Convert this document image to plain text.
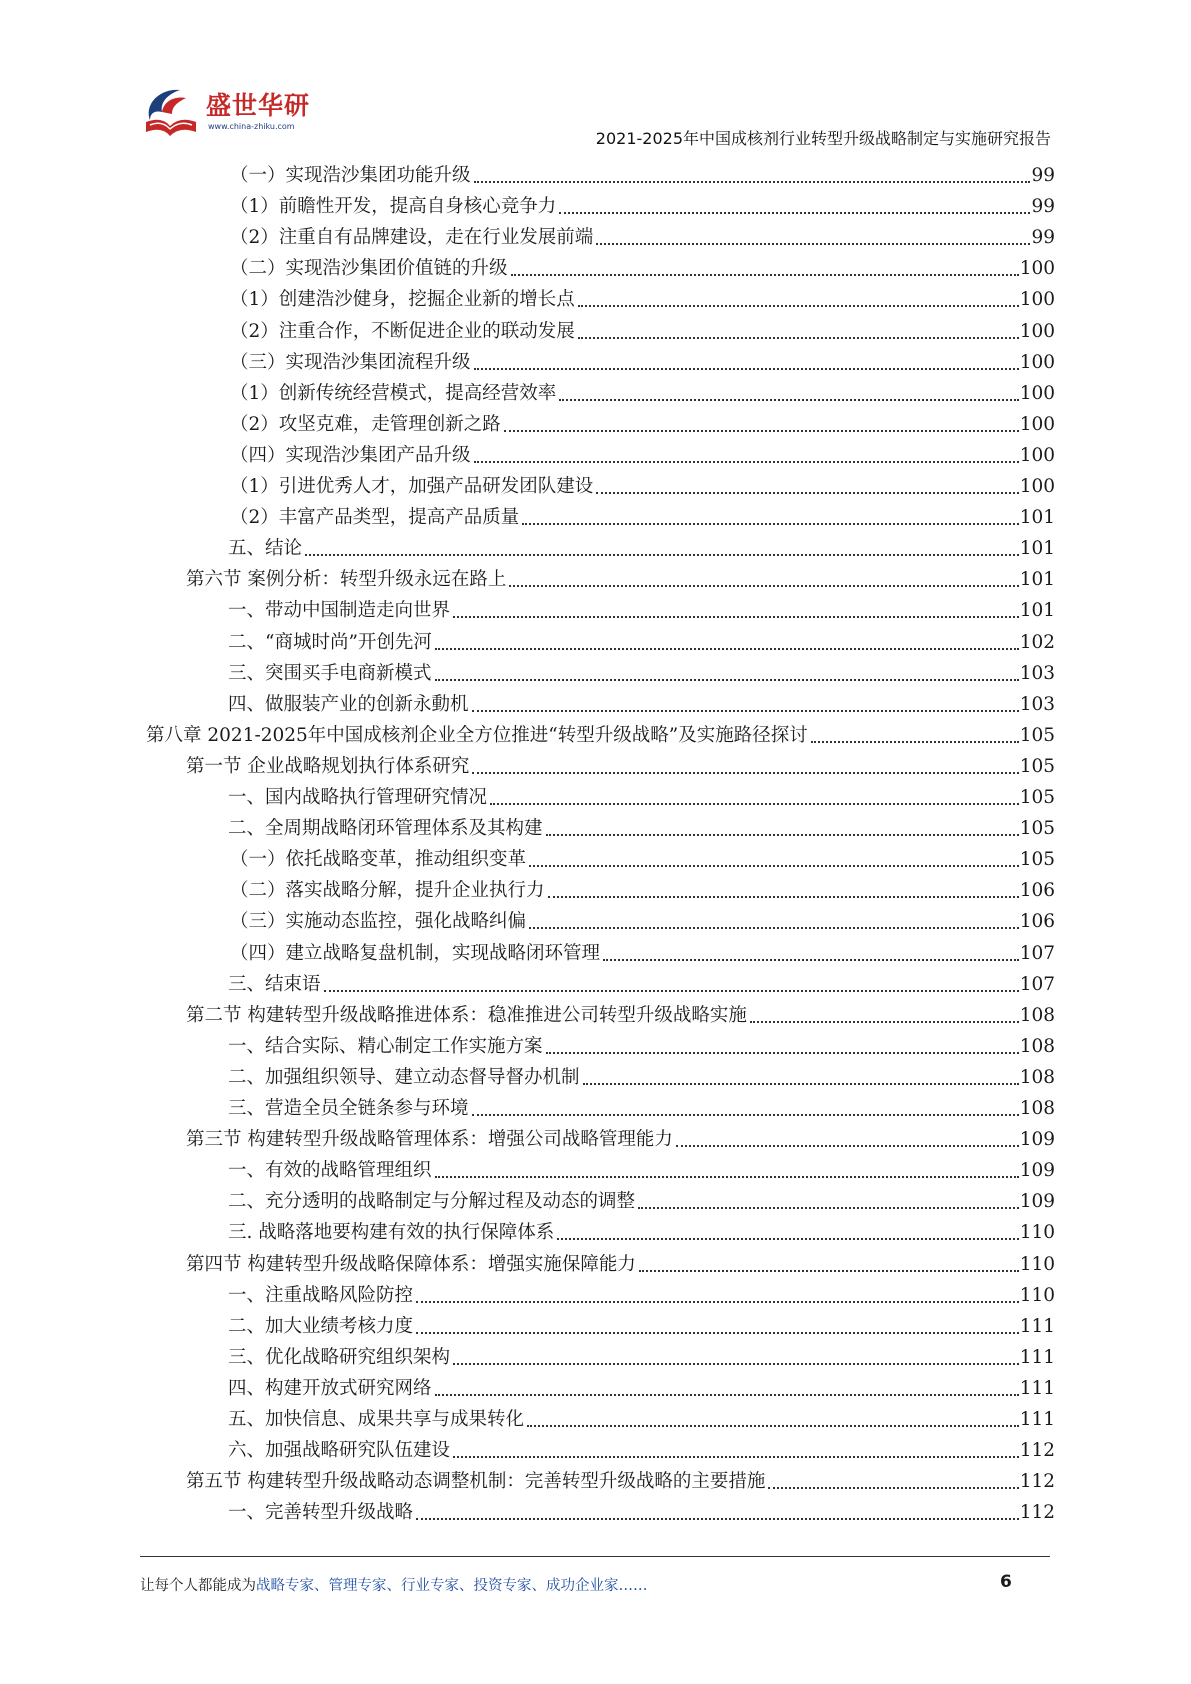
盛世华研
www.china-zhiku.com
2021-2025年中国成核剂行业转型升级战略制定与实施研究报告
（一）实现浩沙集团功能升级	99
（1）前瞻性开发，提高自身核心竞争力	99
（2）注重自有品牌建设，走在行业发展前端	99
（二）实现浩沙集团价值链的升级	100
（1）创建浩沙健身，挖掘企业新的增长点	100
（2）注重合作，不断促进企业的联动发展	100
（三）实现浩沙集团流程升级	100
（1）创新传统经营模式，提高经营效率	100
（2）攻坚克难，走管理创新之路	100
（四）实现浩沙集团产品升级	100
（1）引进优秀人才，加强产品研发团队建设	100
（2）丰富产品类型，提高产品质量	101
五、结论	101
第六节 案例分析：转型升级永远在路上	101
一、带动中国制造走向世界	101
二、“商城时尚”开创先河	102
三、突围买手电商新模式	103
四、做服装产业的创新永動机	103
第八章 2021-2025年中国成核剂企业全方位推进“转型升级战略”及实施路径探讨	105
第一节 企业战略规划执行体系研究	105
一、国内战略执行管理研究情况	105
二、全周期战略闭环管理体系及其构建	105
（一）依托战略变革，推动组织变革	105
（二）落实战略分解，提升企业执行力	106
（三）实施动态监控，强化战略纠偏	106
（四）建立战略复盘机制，实现战略闭环管理	107
三、结束语	107
第二节 构建转型升级战略推进体系：稳准推进公司转型升级战略实施	108
一、结合实际、精心制定工作实施方案	108
二、加强组织领导、建立动态督导督办机制	108
三、营造全员全链条参与环境	108
第三节 构建转型升级战略管理体系：增强公司战略管理能力	109
一、有效的战略管理组织	109
二、充分透明的战略制定与分解过程及动态的调整	109
三. 战略落地要构建有效的执行保障体系	110
第四节 构建转型升级战略保障体系：增强实施保障能力	110
一、注重战略风险防控	110
二、加大业绩考核力度	111
三、优化战略研究组织架构	111
四、构建开放式研究网络	111
五、加快信息、成果共享与成果转化	111
六、加强战略研究队伍建设	112
第五节 构建转型升级战略动态调整机制：完善转型升级战略的主要措施	112
一、完善转型升级战略	112
让每个人都能成为战略专家、管理专家、行业专家、投资专家、成功企业家……	6
